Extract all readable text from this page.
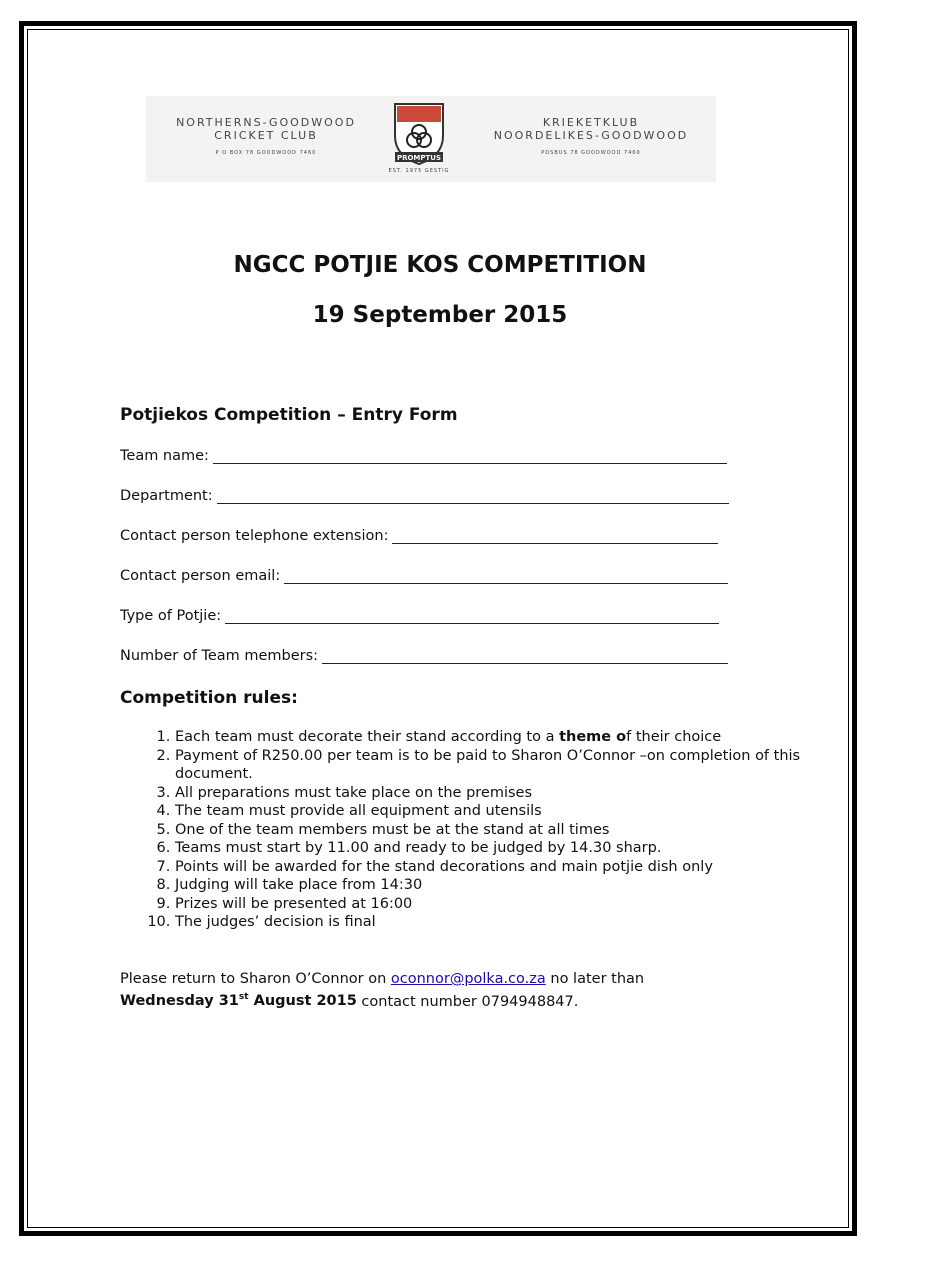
NORTHERNS-GOODWOOD
CRICKET CLUB
P O BOX 78 GOODWOOD 7460
PROMPTUS
EST. 1975 GESTIG
KRIEKETKLUB
NOORDELIKES-GOODWOOD
POSBUS 78 GOODWOOD 7460
NGCC POTJIE KOS COMPETITION
19 September 2015
Potjiekos Competition – Entry Form
Team name:
Department:
Contact person telephone extension:
Contact person email:
Type of Potjie:
Number of Team members:
Competition rules:
1. Each team must decorate their stand according to a theme of their choice
2. Payment of R250.00 per team is to be paid to Sharon O’Connor –on completion of this document.
3. All preparations must take place on the premises
4. The team must provide all equipment and utensils
5. One of the team members must be at the stand at all times
6. Teams must start by 11.00 and ready to be judged by 14.30 sharp.
7. Points will be awarded for the stand decorations and main potjie dish only
8. Judging will take place from 14:30
9. Prizes will be presented at 16:00
10. The judges’ decision is final
Please return to Sharon O’Connor on oconnor@polka.co.za no later than
Wednesday 31st August 2015 contact number 0794948847.
